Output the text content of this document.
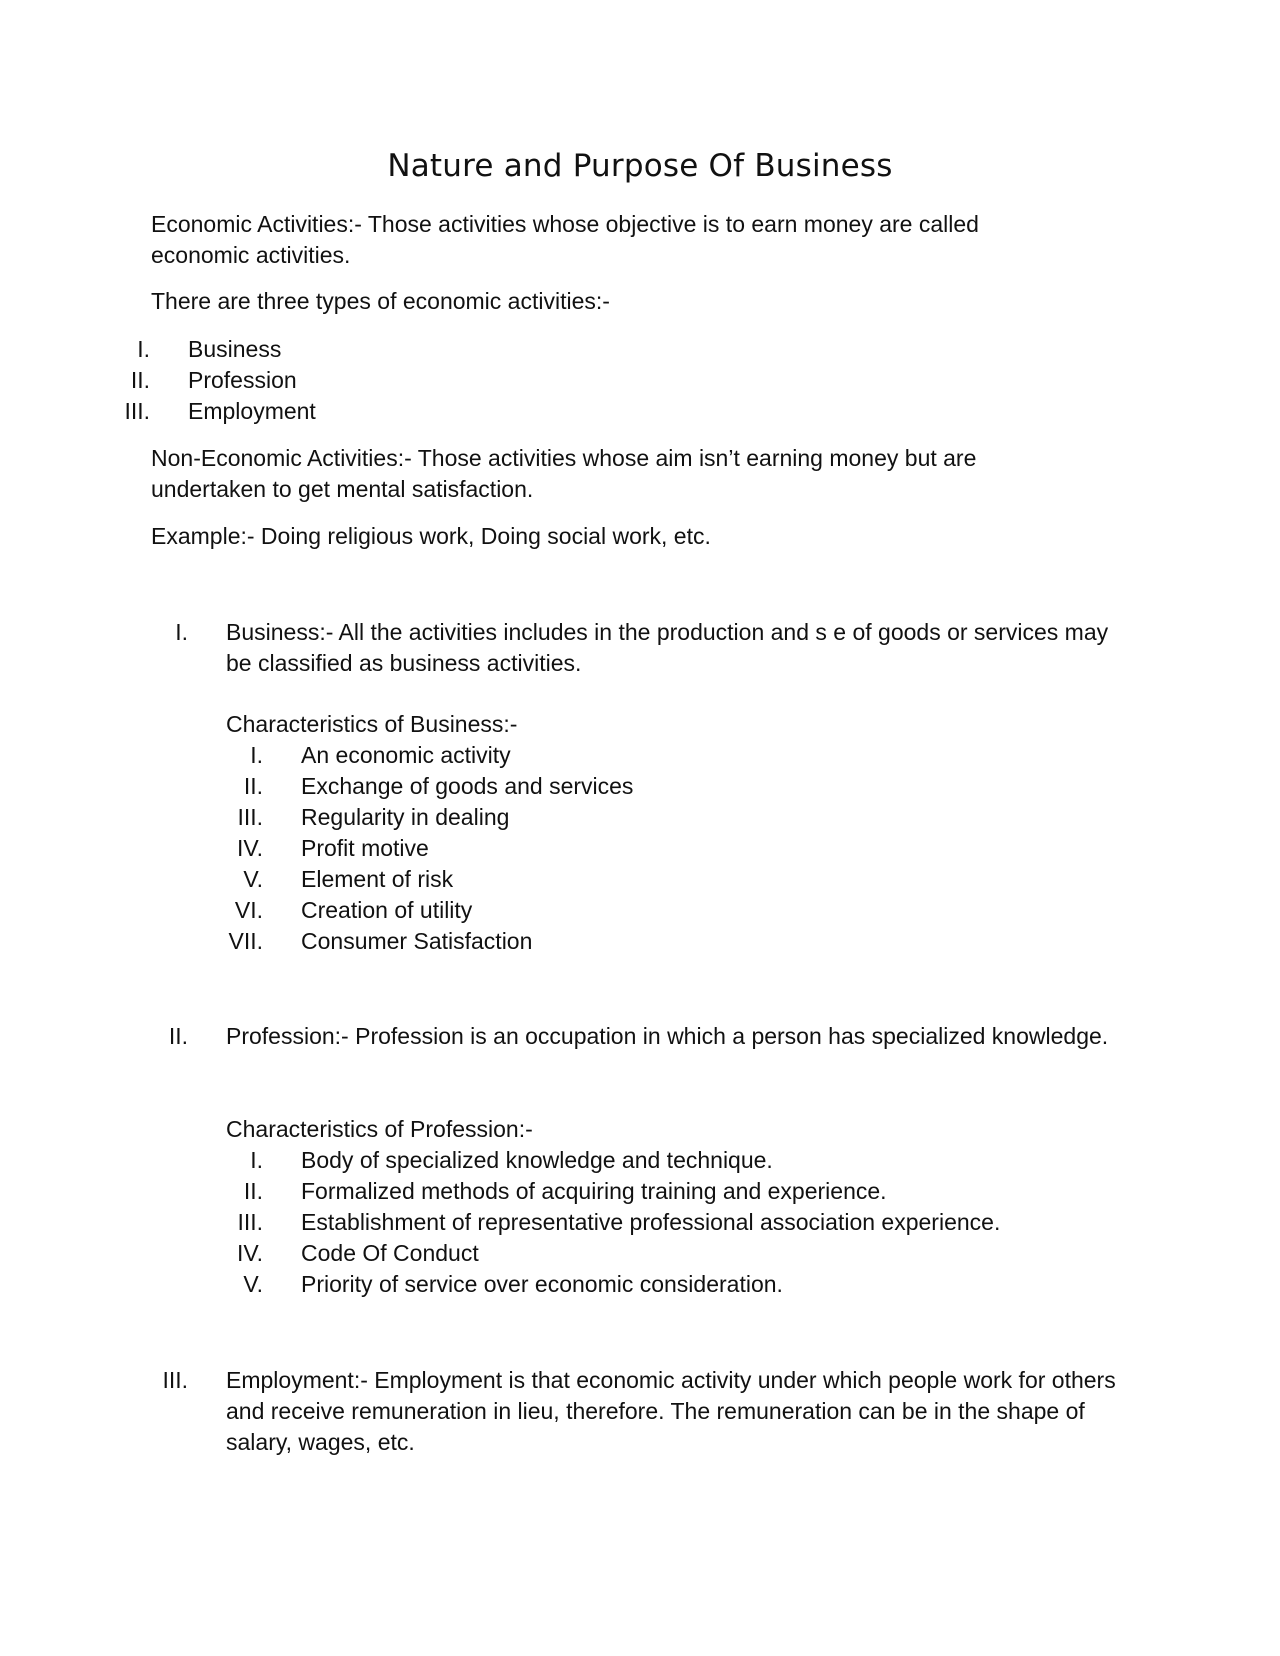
Nature and Purpose Of Business

Economic Activities:- Those activities whose objective is to earn money are called economic activities.

There are three types of economic activities:-

I. Business
II. Profession
III. Employment

Non-Economic Activities:- Those activities whose aim isn’t earning money but are undertaken to get mental satisfaction.

Example:- Doing religious work, Doing social work, etc.

I. Business:- All the activities includes in the production and s e of goods or services may be classified as business activities.
Characteristics of Business:-
I. An economic activity
II. Exchange of goods and services
III. Regularity in dealing
IV. Profit motive
V. Element of risk
VI. Creation of utility
VII. Consumer Satisfaction
II. Profession:- Profession is an occupation in which a person has specialized knowledge.
Characteristics of Profession:-
I. Body of specialized knowledge and technique.
II. Formalized methods of acquiring training and experience.
III. Establishment of representative professional association experience.
IV. Code Of Conduct
V. Priority of service over economic consideration.
III. Employment:- Employment is that economic activity under which people work for others and receive remuneration in lieu, therefore. The remuneration can be in the shape of salary, wages, etc.
